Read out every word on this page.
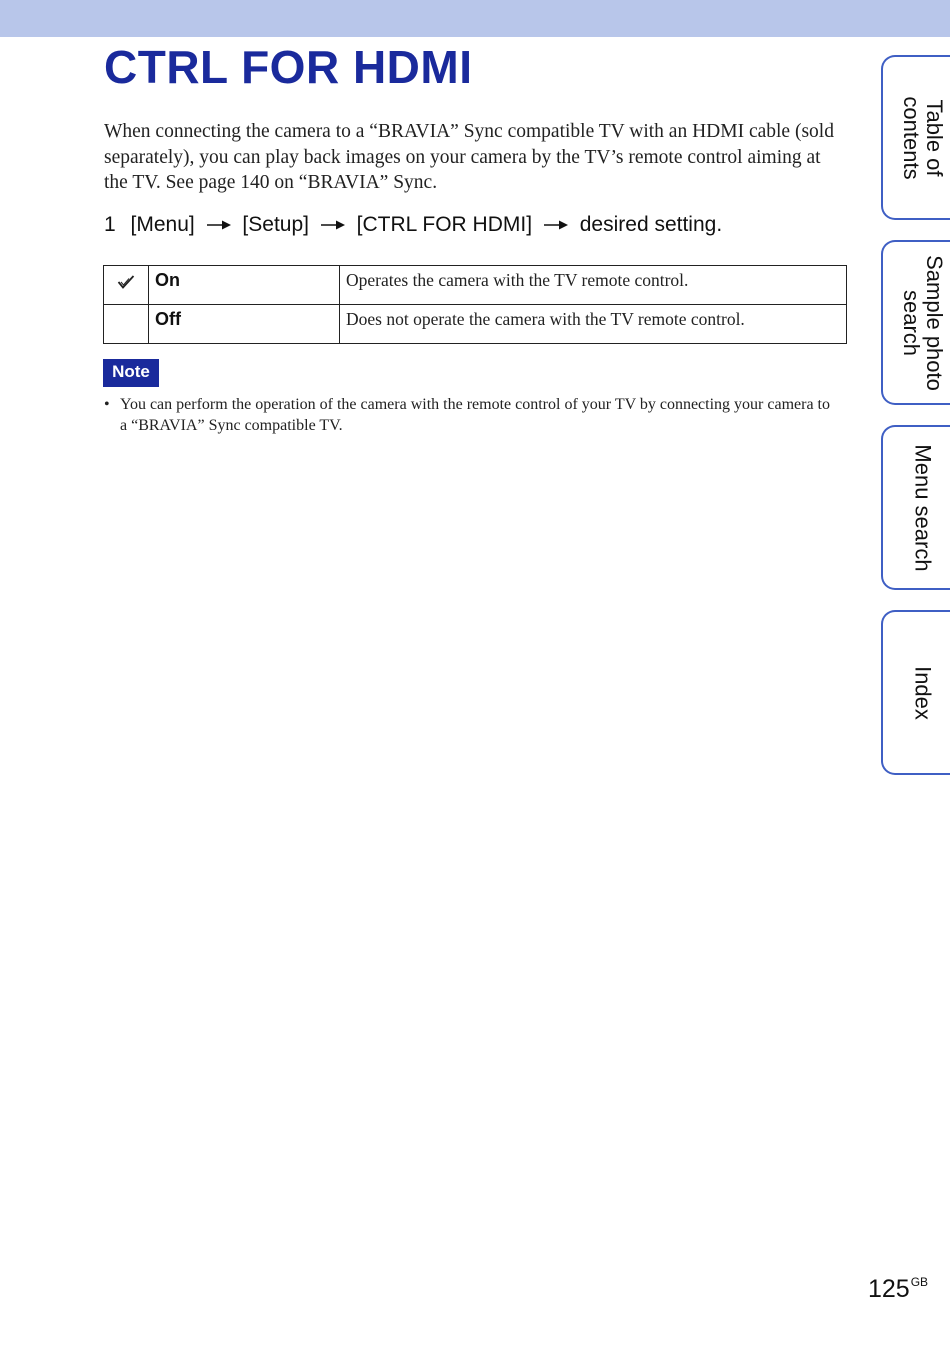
CTRL FOR HDMI

When connecting the camera to a “BRAVIA” Sync compatible TV with an HDMI cable (sold separately), you can play back images on your camera by the TV’s remote control aiming at the TV. See page 140 on “BRAVIA” Sync.

1 [Menu] [Setup] [CTRL FOR HDMI] desired setting.
	On	Operates the camera with the TV remote control.
	Off	Does not operate the camera with the TV remote control.
Note
• You can perform the operation of the camera with the remote control of your TV by connecting your camera to a “BRAVIA” Sync compatible TV.
Table of
contents
Sample photo
search
Menu search
Index
$125^{GB}$
